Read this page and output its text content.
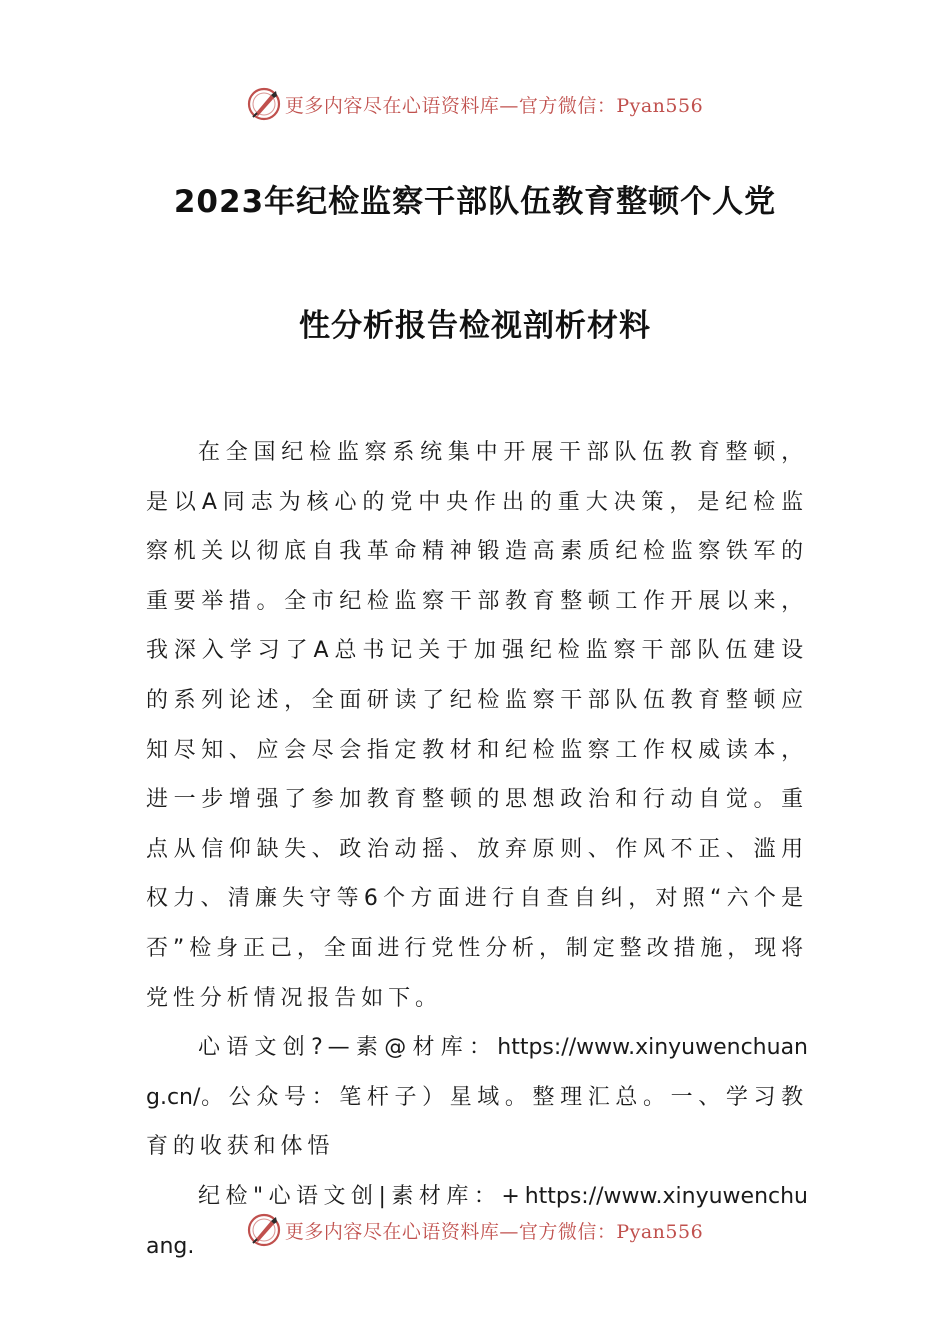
更多内容尽在心语资料库—官方微信：Pyan556
2023年纪检监察干部队伍教育整顿个人党
性分析报告检视剖析材料

在全国纪检监察系统集中开展干部队伍教育整顿，是以A同志为核心的党中央作出的重大决策，是纪检监察机关以彻底自我革命精神锻造高素质纪检监察铁军的重要举措。全市纪检监察干部教育整顿工作开展以来，我深入学习了A总书记关于加强纪检监察干部队伍建设的系列论述，全面研读了纪检监察干部队伍教育整顿应知尽知、应会尽会指定教材和纪检监察工作权威读本，进一步增强了参加教育整顿的思想政治和行动自觉。重点从信仰缺失、政治动摇、放弃原则、作风不正、滥用权力、清廉失守等6个方面进行自查自纠，对照“六个是否”检身正己，全面进行党性分析，制定整改措施，现将党性分析情况报告如下。

心语文创?—素@材库：https://www.xinyuwenchuang.cn/。公众号：笔杆子）星域。整理汇总。一、学习教育的收获和体悟

纪检"心语文创|素材库：+https://www.xinyuwenchuang.

更多内容尽在心语资料库—官方微信：Pyan556
